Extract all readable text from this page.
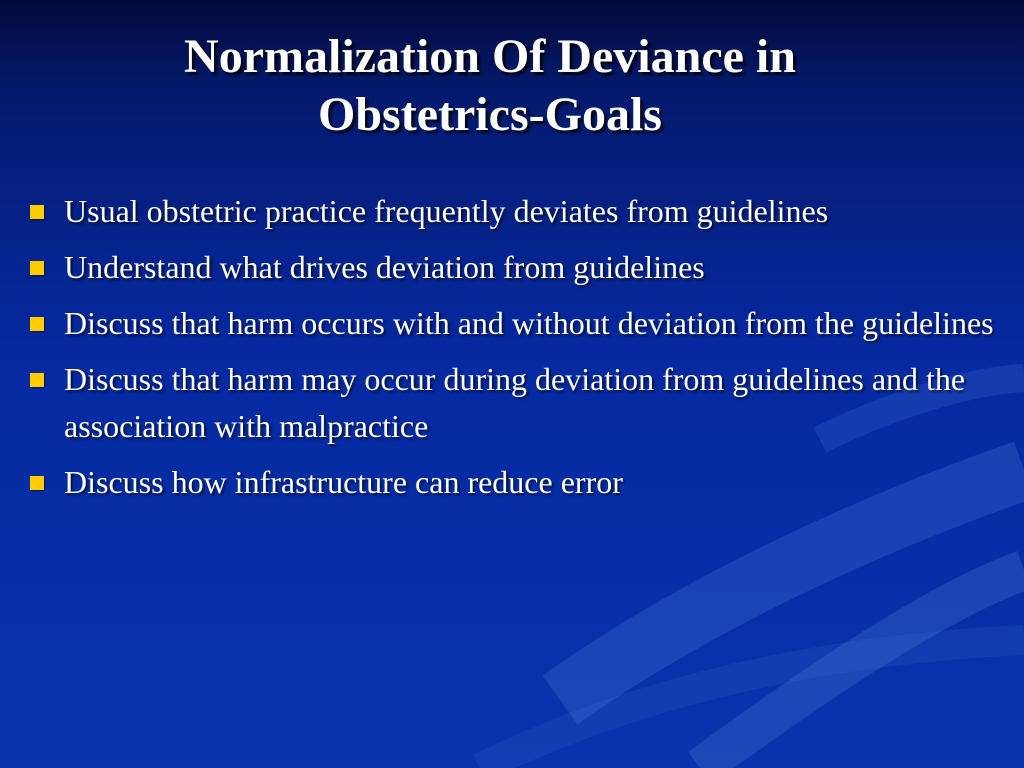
Normalization Of Deviance in
Obstetrics-Goals
Usual obstetric practice frequently deviates from guidelines
Understand what drives deviation from guidelines
Discuss that harm occurs with and without deviation from the guidelines
Discuss that harm may occur during deviation from guidelines and the association with malpractice
Discuss how infrastructure can reduce error
